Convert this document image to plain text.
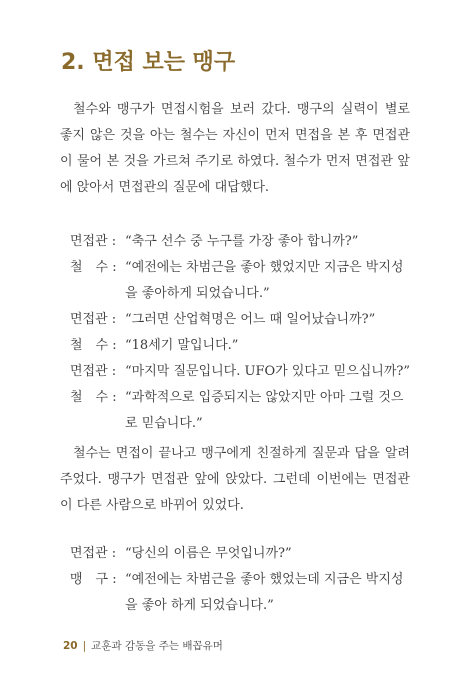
2. 면접 보는 맹구

철수와 맹구가 면접시험을 보러 갔다. 맹구의 실력이 별로 좋지 않은 것을 아는 철수는 자신이 먼저 면접을 본 후 면접관이 물어 본 것을 가르쳐 주기로 하였다. 철수가 먼저 면접관 앞에 앉아서 면접관의 질문에 대답했다.

면접관 : “축구 선수 중 누구를 가장 좋아 합니까?”
철　수 : “예전에는 차범근을 좋아 했었지만 지금은 박지성을 좋아하게 되었습니다.”
면접관 : “그러면 산업혁명은 어느 때 일어났습니까?”
철　수 : “18세기 말입니다.”
면접관 : “마지막 질문입니다. UFO가 있다고 믿으십니까?”
철　수 : “과학적으로 입증되지는 않았지만 아마 그럴 것으로 믿습니다.”

철수는 면접이 끝나고 맹구에게 친절하게 질문과 답을 알려 주었다. 맹구가 면접관 앞에 앉았다. 그런데 이번에는 면접관이 다른 사람으로 바뀌어 있었다.

면접관 : “당신의 이름은 무엇입니까?”
맹　구 : “예전에는 차범근을 좋아 했었는데 지금은 박지성을 좋아 하게 되었습니다.”
20 | 교훈과 감동을 주는 배꼽유머
